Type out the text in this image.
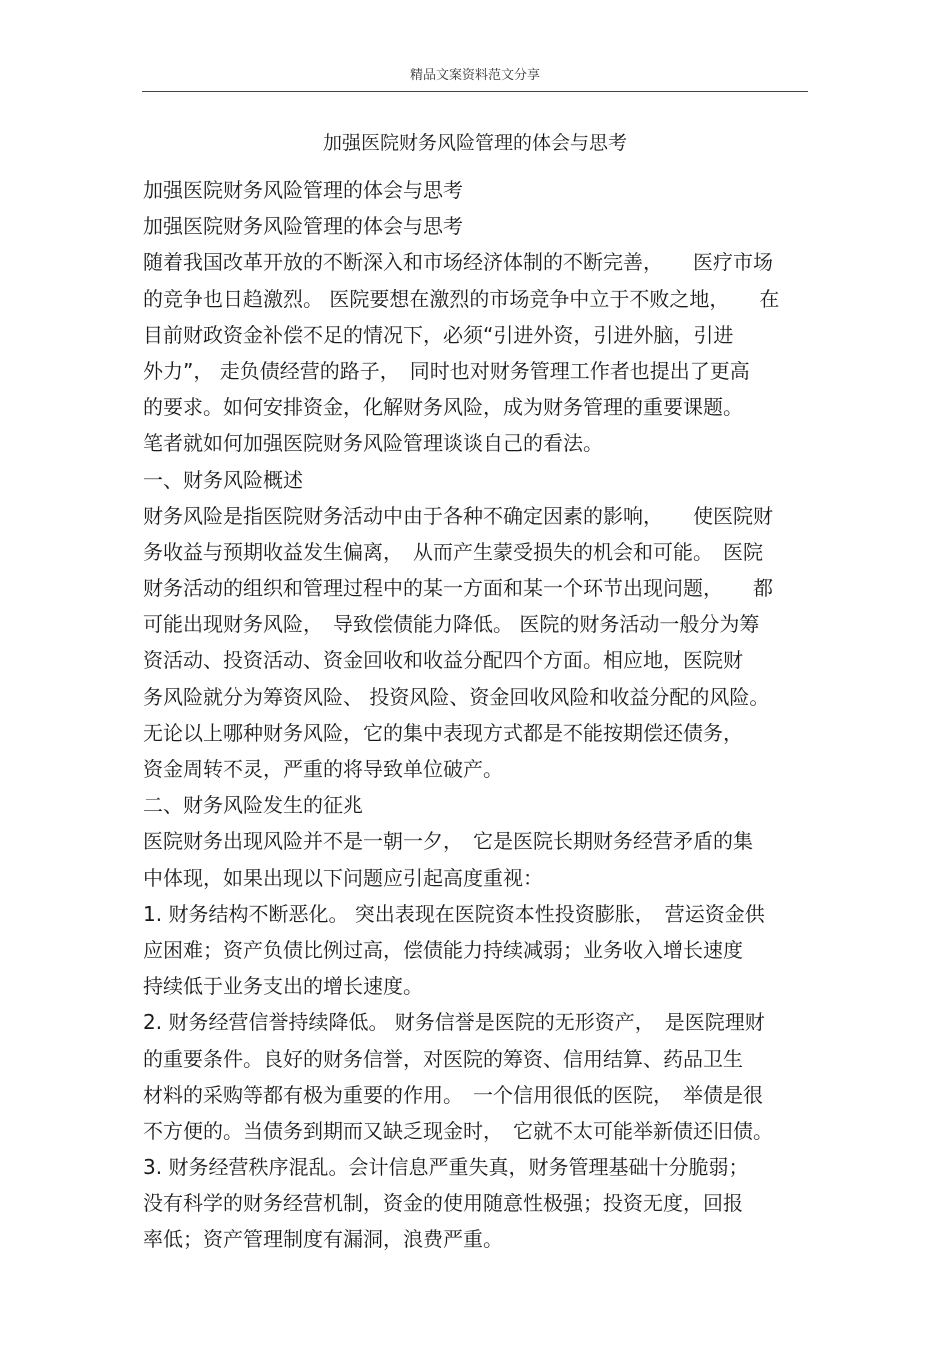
精品文案资料范文分享
加强医院财务风险管理的体会与思考
加强医院财务风险管理的体会与思考
加强医院财务风险管理的体会与思考
随着我国改革开放的不断深入和市场经济体制的不断完善，　　医疗市场
的竞争也日趋激烈。 医院要想在激烈的市场竞争中立于不败之地，　　在
目前财政资金补偿不足的情况下，必须“引进外资，引进外脑，引进
外力”， 走负债经营的路子，　同时也对财务管理工作者也提出了更高
的要求。如何安排资金，化解财务风险，成为财务管理的重要课题。
笔者就如何加强医院财务风险管理谈谈自己的看法。
一、财务风险概述
财务风险是指医院财务活动中由于各种不确定因素的影响，　　使医院财
务收益与预期收益发生偏离，　从而产生蒙受损失的机会和可能。　医院
财务活动的组织和管理过程中的某一方面和某一个环节出现问题，　　都
可能出现财务风险，　导致偿债能力降低。 医院的财务活动一般分为筹
资活动、投资活动、资金回收和收益分配四个方面。相应地，医院财
务风险就分为筹资风险、 投资风险、资金回收风险和收益分配的风险。
无论以上哪种财务风险，它的集中表现方式都是不能按期偿还债务，
资金周转不灵，严重的将导致单位破产。
二、财务风险发生的征兆
医院财务出现风险并不是一朝一夕，　它是医院长期财务经营矛盾的集
中体现，如果出现以下问题应引起高度重视：
1. 财务结构不断恶化。 突出表现在医院资本性投资膨胀，　营运资金供
应困难；资产负债比例过高，偿债能力持续减弱；业务收入增长速度
持续低于业务支出的增长速度。
2. 财务经营信誉持续降低。 财务信誉是医院的无形资产，　是医院理财
的重要条件。良好的财务信誉，对医院的筹资、信用结算、药品卫生
材料的采购等都有极为重要的作用。　一个信用很低的医院，　举债是很
不方便的。当债务到期而又缺乏现金时，　它就不太可能举新债还旧债。
3. 财务经营秩序混乱。会计信息严重失真，财务管理基础十分脆弱；
没有科学的财务经营机制，资金的使用随意性极强；投资无度，回报
率低；资产管理制度有漏洞，浪费严重。
